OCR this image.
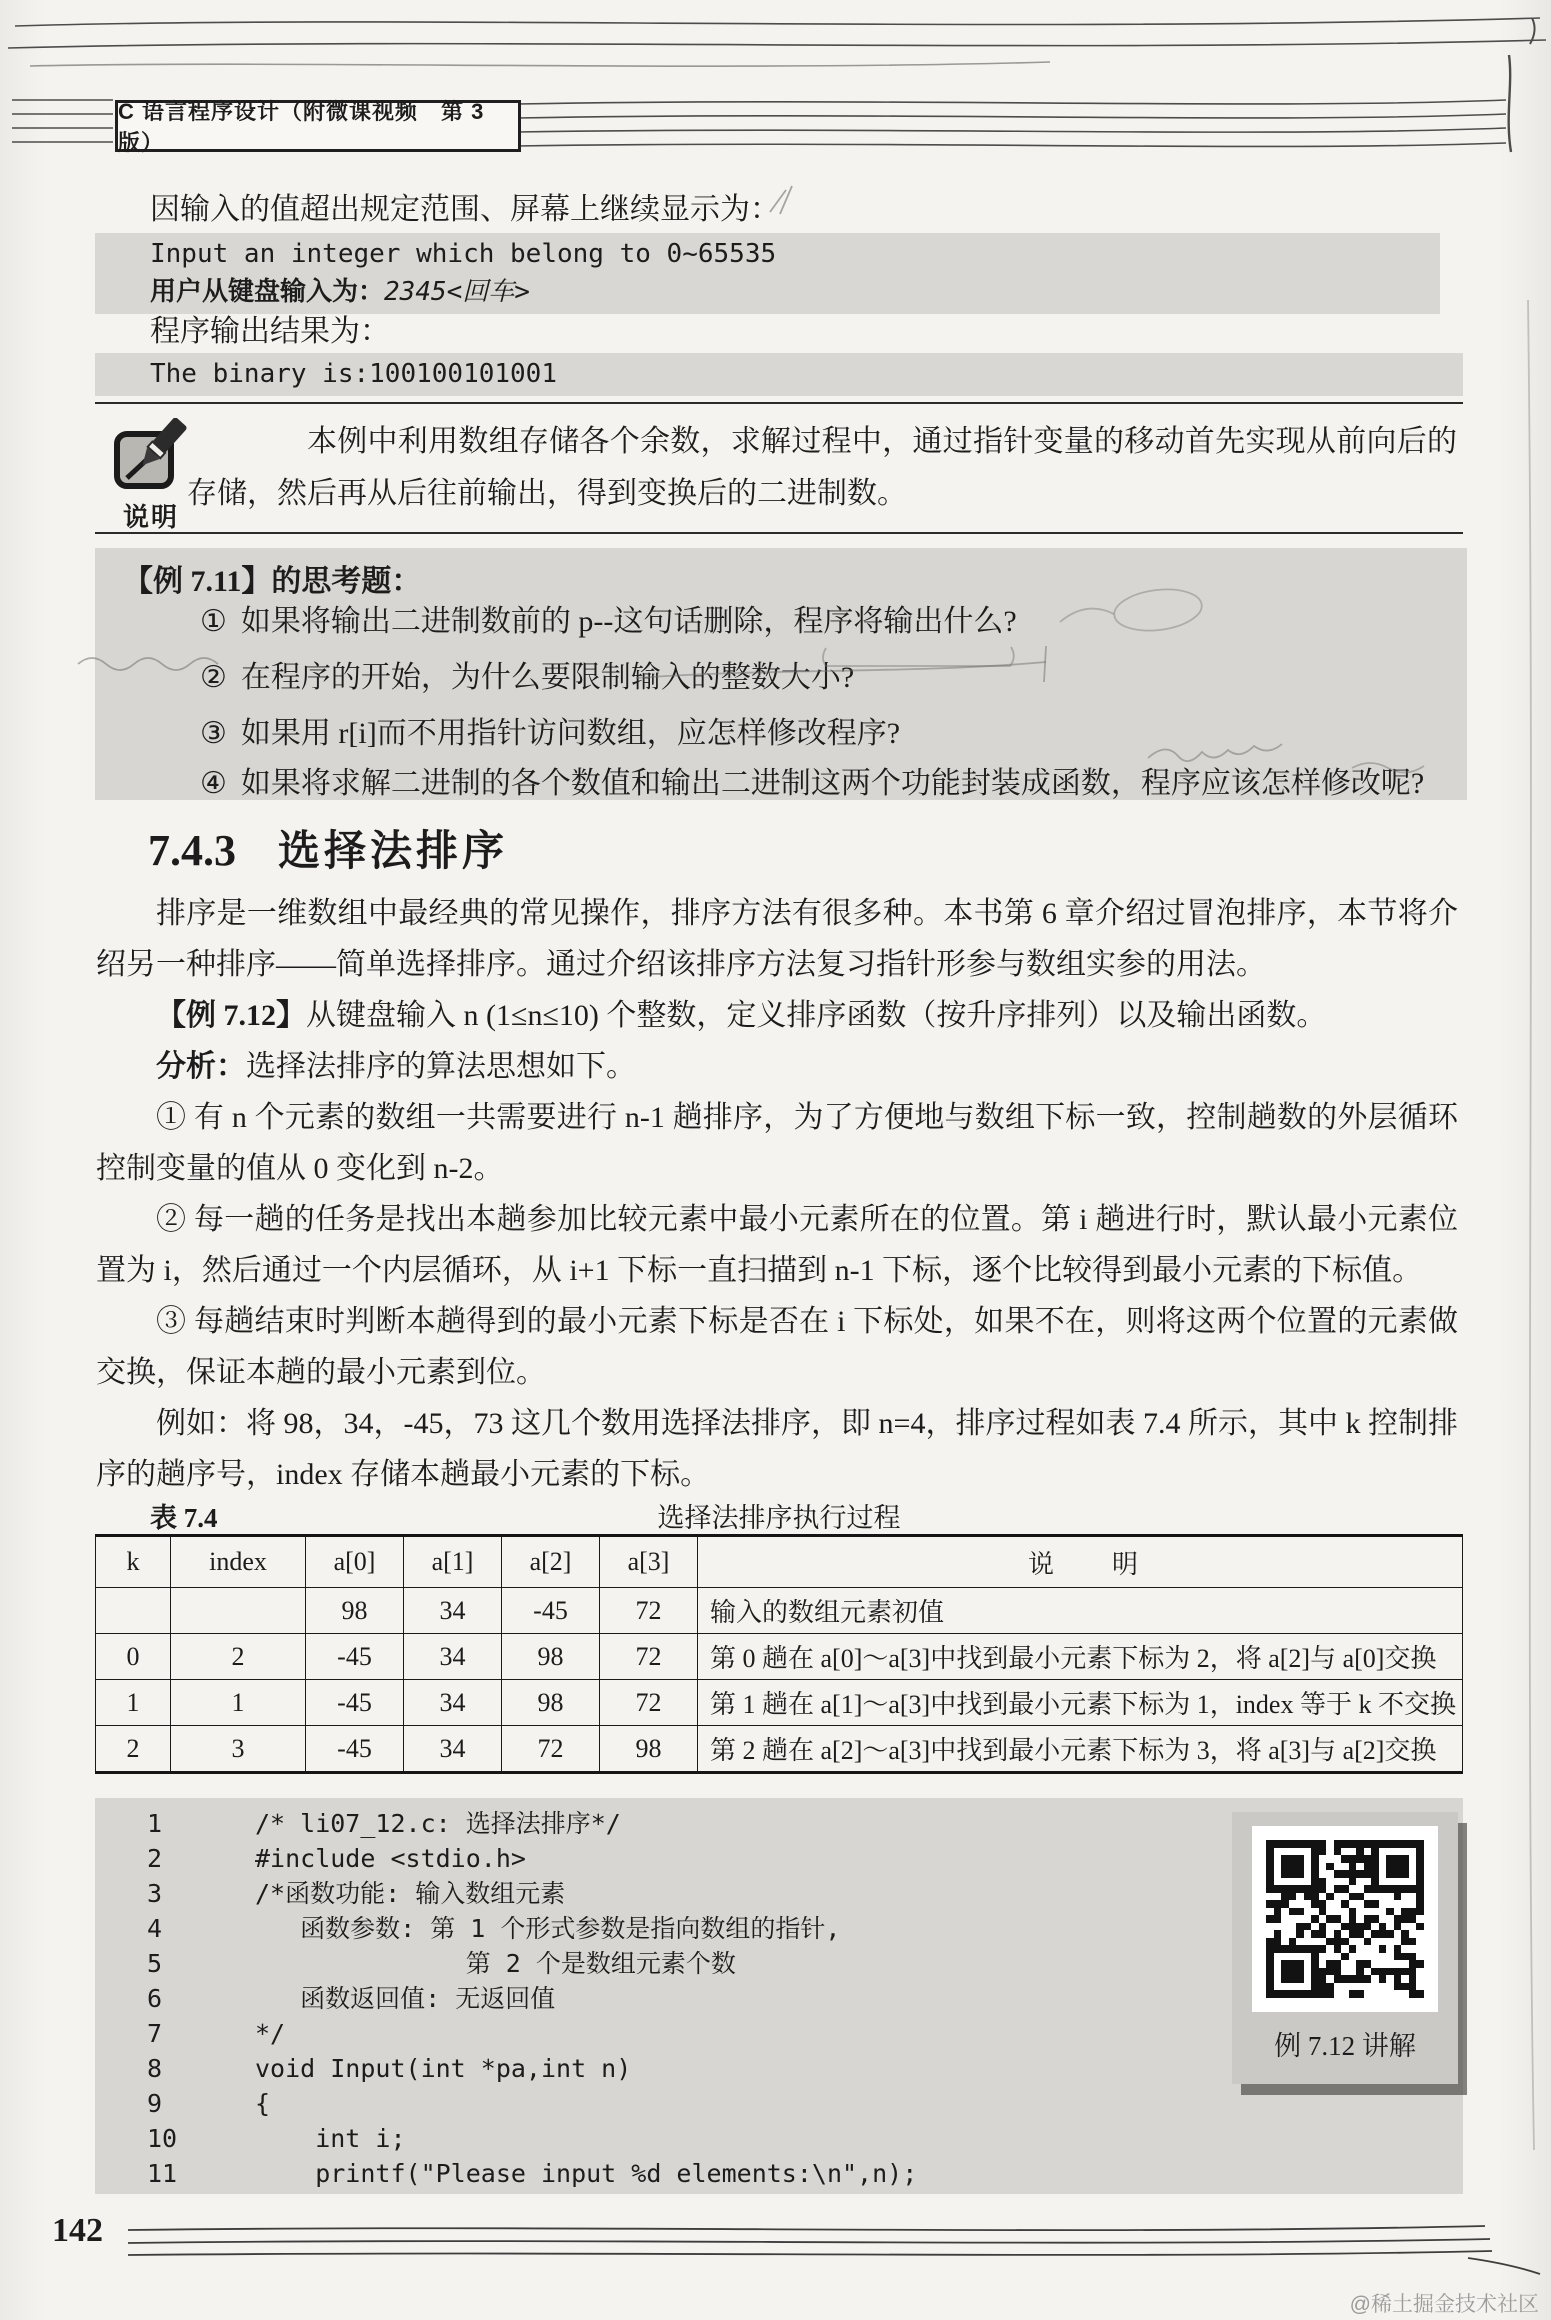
C 语言程序设计（附微课视频　第 3 版）
因输入的值超出规定范围、屏幕上继续显示为：
Input an integer which belong to 0~65535
用户从键盘输入为：2345<回车>
程序输出结果为：
The binary is:100100101001
说明
本例中利用数组存储各个余数，求解过程中，通过指针变量的移动首先实现从前向后的存储，然后再从后往前输出，得到变换后的二进制数。
【例 7.11】的思考题：
① 如果将输出二进制数前的 p--这句话删除，程序将输出什么?
② 在程序的开始，为什么要限制输入的整数大小?
③ 如果用 r[i]而不用指针访问数组，应怎样修改程序?
④ 如果将求解二进制的各个数值和输出二进制这两个功能封装成函数，程序应该怎样修改呢?
7.4.3 选择法排序

排序是一维数组中最经典的常见操作，排序方法有很多种。本书第 6 章介绍过冒泡排序，本节将介绍另一种排序——简单选择排序。通过介绍该排序方法复习指针形参与数组实参的用法。

【例 7.12】从键盘输入 n (1≤n≤10) 个整数，定义排序函数（按升序排列）以及输出函数。

分析：选择法排序的算法思想如下。

① 有 n 个元素的数组一共需要进行 n-1 趟排序，为了方便地与数组下标一致，控制趟数的外层循环控制变量的值从 0 变化到 n-2。

② 每一趟的任务是找出本趟参加比较元素中最小元素所在的位置。第 i 趟进行时，默认最小元素位置为 i，然后通过一个内层循环，从 i+1 下标一直扫描到 n-1 下标，逐个比较得到最小元素的下标值。

③ 每趟结束时判断本趟得到的最小元素下标是否在 i 下标处，如果不在，则将这两个位置的元素做交换，保证本趟的最小元素到位。

例如：将 98，34，-45，73 这几个数用选择法排序，即 n=4，排序过程如表 7.4 所示，其中 k 控制排序的趟序号，index 存储本趟最小元素的下标。

表 7.4	选择法排序执行过程
k	index	a[0]	a[1]	a[2]	a[3]	说　　明
		98	34	-45	72	输入的数组元素初值
0	2	-45	34	98	72	第 0 趟在 a[0]～a[3]中找到最小元素下标为 2，将 a[2]与 a[0]交换
1	1	-45	34	98	72	第 1 趟在 a[1]～a[3]中找到最小元素下标为 1，index 等于 k 不交换
2	3	-45	34	72	98	第 2 趟在 a[2]～a[3]中找到最小元素下标为 3，将 a[3]与 a[2]交换
1	/* li07_12.c: 选择法排序*/
2	#include <stdio.h>
3	/*函数功能: 输入数组元素
4	函数参数: 第 1 个形式参数是指向数组的指针,
5	第 2 个是数组元素个数
6	函数返回值: 无返回值
7	*/
8	void Input(int *pa,int n)
9	{
10	int i;
11	printf("Please input %d elements:\n",n);
例 7.12 讲解
142
@稀土掘金技术社区
